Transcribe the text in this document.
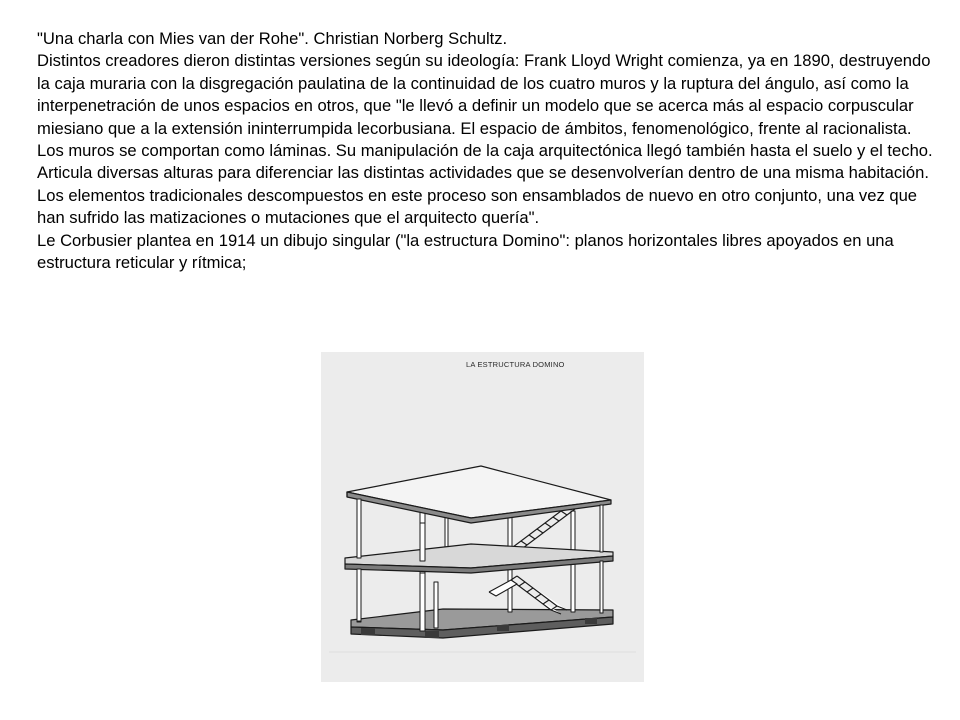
"Una charla con Mies van der Rohe". Christian Norberg Schultz.

Distintos creadores dieron distintas versiones según su ideología: Frank Lloyd Wright comienza, ya en 1890, destruyendo la caja muraria con la disgregación paulatina de la continuidad de los cuatro muros y la ruptura del ángulo, así como la interpenetración de unos espacios en otros, que "le llevó a definir un modelo que se acerca más al espacio corpuscular miesiano que a la extensión ininterrumpida lecorbusiana. El espacio de ámbitos, fenomenológico, frente al racionalista. Los muros se comportan como láminas. Su manipulación de la caja arquitectónica llegó también hasta el suelo y el techo. Articula diversas alturas para diferenciar las distintas actividades que se desenvolverían dentro de una misma habitación. Los elementos tradicionales descompuestos en este proceso son ensamblados de nuevo en otro conjunto, una vez que han sufrido las matizaciones o mutaciones que el arquitecto quería".

Le Corbusier plantea en 1914 un dibujo singular ("la estructura Domino": planos horizontales libres apoyados en una estructura reticular y rítmica;

LA ESTRUCTURA DOMINO
